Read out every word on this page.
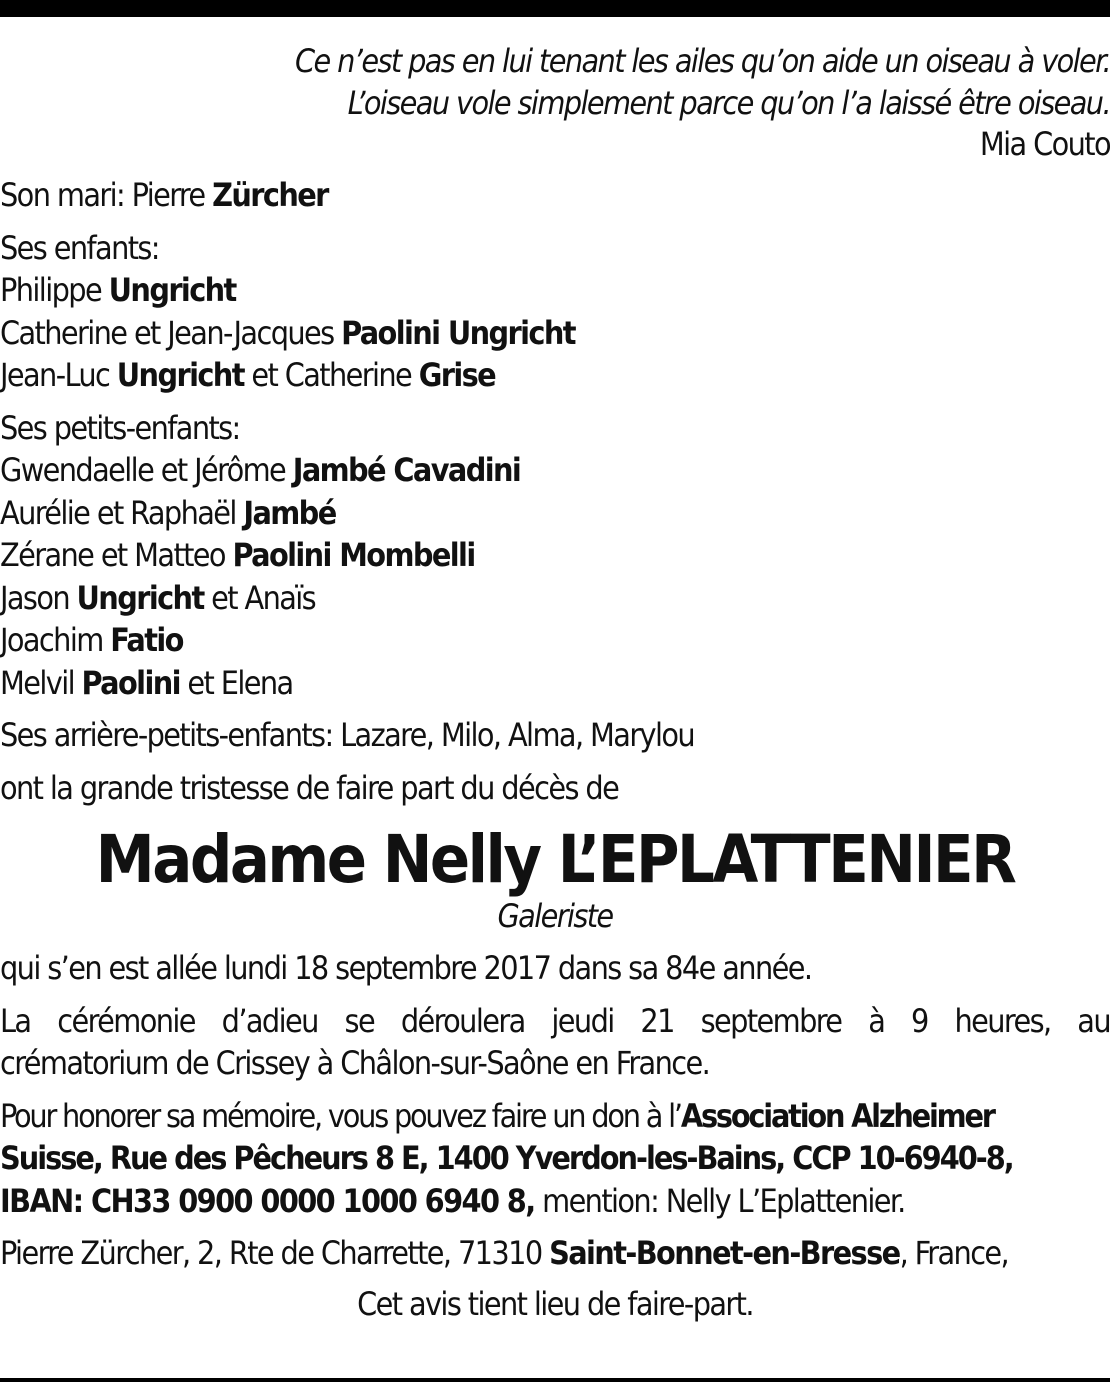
Ce n’est pas en lui tenant les ailes qu’on aide un oiseau à voler.
L’oiseau vole simplement parce qu’on l’a laissé être oiseau.
Mia Couto
Son mari: Pierre Zürcher
Ses enfants:
Philippe Ungricht
Catherine et Jean-Jacques Paolini Ungricht
Jean-Luc Ungricht et Catherine Grise
Ses petits-enfants:
Gwendaelle et Jérôme Jambé Cavadini
Aurélie et Raphaël Jambé
Zérane et Matteo Paolini Mombelli
Jason Ungricht et Anaïs
Joachim Fatio
Melvil Paolini et Elena
Ses arrière-petits-enfants: Lazare, Milo, Alma, Marylou
ont la grande tristesse de faire part du décès de
Madame Nelly L’EPLATTENIER
Galeriste
qui s’en est allée lundi 18 septembre 2017 dans sa 84e année.
La cérémonie d’adieu se déroulera jeudi 21 septembre à 9 heures, au
crématorium de Crissey à Châlon-sur-Saône en France.
Pour honorer sa mémoire, vous pouvez faire un don à l’Association Alzheimer
Suisse, Rue des Pêcheurs 8 E, 1400 Yverdon-les-Bains, CCP 10-6940-8,
IBAN: CH33 0900 0000 1000 6940 8, mention: Nelly L’Eplattenier.
Pierre Zürcher, 2, Rte de Charrette, 71310 Saint-Bonnet-en-Bresse, France,
Cet avis tient lieu de faire-part.
